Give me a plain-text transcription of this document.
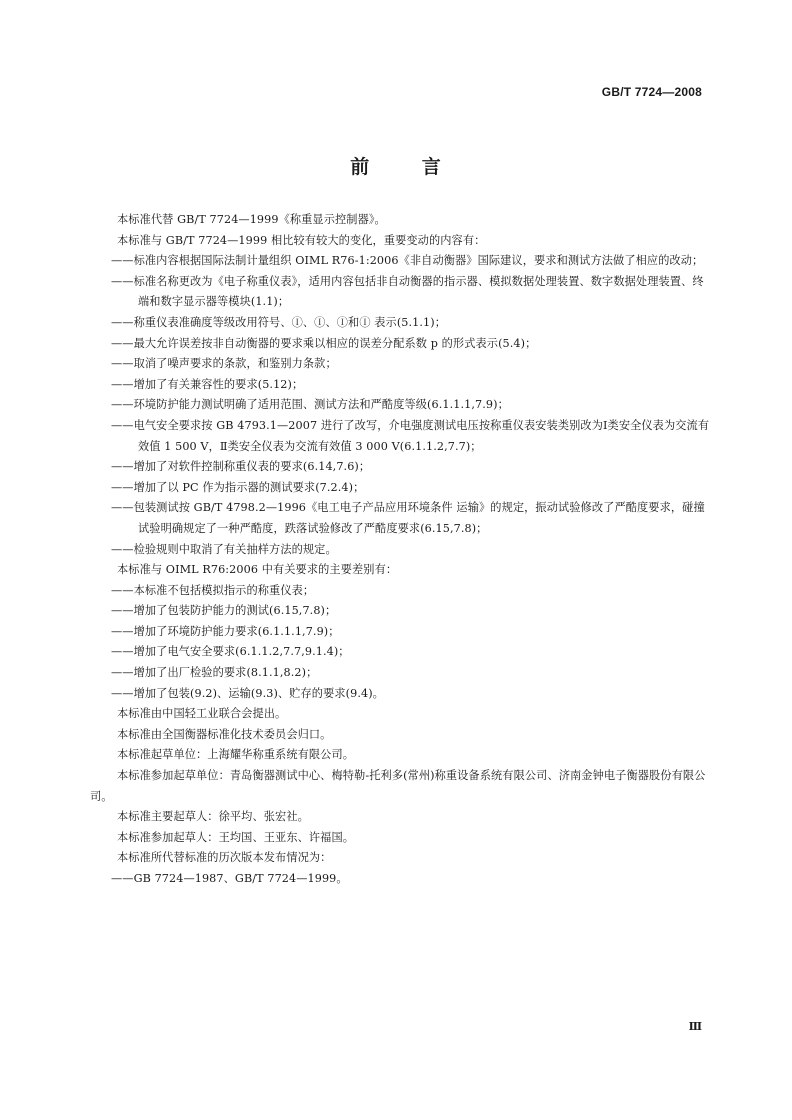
GB/T 7724—2008
前 言
本标准代替 GB/T 7724—1999《称重显示控制器》。
本标准与 GB/T 7724—1999 相比较有较大的变化，重要变动的内容有：
——标准内容根据国际法制计量组织 OIML R76-1:2006《非自动衡器》国际建议，要求和测试方法做了相应的改动；
——标准名称更改为《电子称重仪表》，适用内容包括非自动衡器的指示器、模拟数据处理装置、数字数据处理装置、终端和数字显示器等模块(1.1)；
——称重仪表准确度等级改用符号、Ⓘ、Ⓘ、Ⓘ和Ⓘ 表示(5.1.1)；
——最大允许误差按非自动衡器的要求乘以相应的误差分配系数 p 的形式表示(5.4)；
——取消了噪声要求的条款，和鉴别力条款；
——增加了有关兼容性的要求(5.12)；
——环境防护能力测试明确了适用范围、测试方法和严酷度等级(6.1.1.1,7.9)；
——电气安全要求按 GB 4793.1—2007 进行了改写，介电强度测试电压按称重仪表安装类别改为Ⅰ类安全仪表为交流有效值 1 500 V，Ⅱ类安全仪表为交流有效值 3 000 V(6.1.1.2,7.7)；
——增加了对软件控制称重仪表的要求(6.14,7.6)；
——增加了以 PC 作为指示器的测试要求(7.2.4)；
——包装测试按 GB/T 4798.2—1996《电工电子产品应用环境条件 运输》的规定，振动试验修改了严酷度要求，碰撞试验明确规定了一种严酷度，跌落试验修改了严酷度要求(6.15,7.8)；
——检验规则中取消了有关抽样方法的规定。
本标准与 OIML R76:2006 中有关要求的主要差别有：
——本标准不包括模拟指示的称重仪表；
——增加了包装防护能力的测试(6.15,7.8)；
——增加了环境防护能力要求(6.1.1.1,7.9)；
——增加了电气安全要求(6.1.1.2,7.7,9.1.4)；
——增加了出厂检验的要求(8.1.1,8.2)；
——增加了包装(9.2)、运输(9.3)、贮存的要求(9.4)。
本标准由中国轻工业联合会提出。
本标准由全国衡器标准化技术委员会归口。
本标准起草单位：上海耀华称重系统有限公司。
本标准参加起草单位：青岛衡器测试中心、梅特勒-托利多(常州)称重设备系统有限公司、济南金钟电子衡器股份有限公司。
本标准主要起草人：徐平均、张宏社。
本标准参加起草人：王均国、王亚东、许福国。
本标准所代替标准的历次版本发布情况为：
——GB 7724—1987、GB/T 7724—1999。
Ⅲ
